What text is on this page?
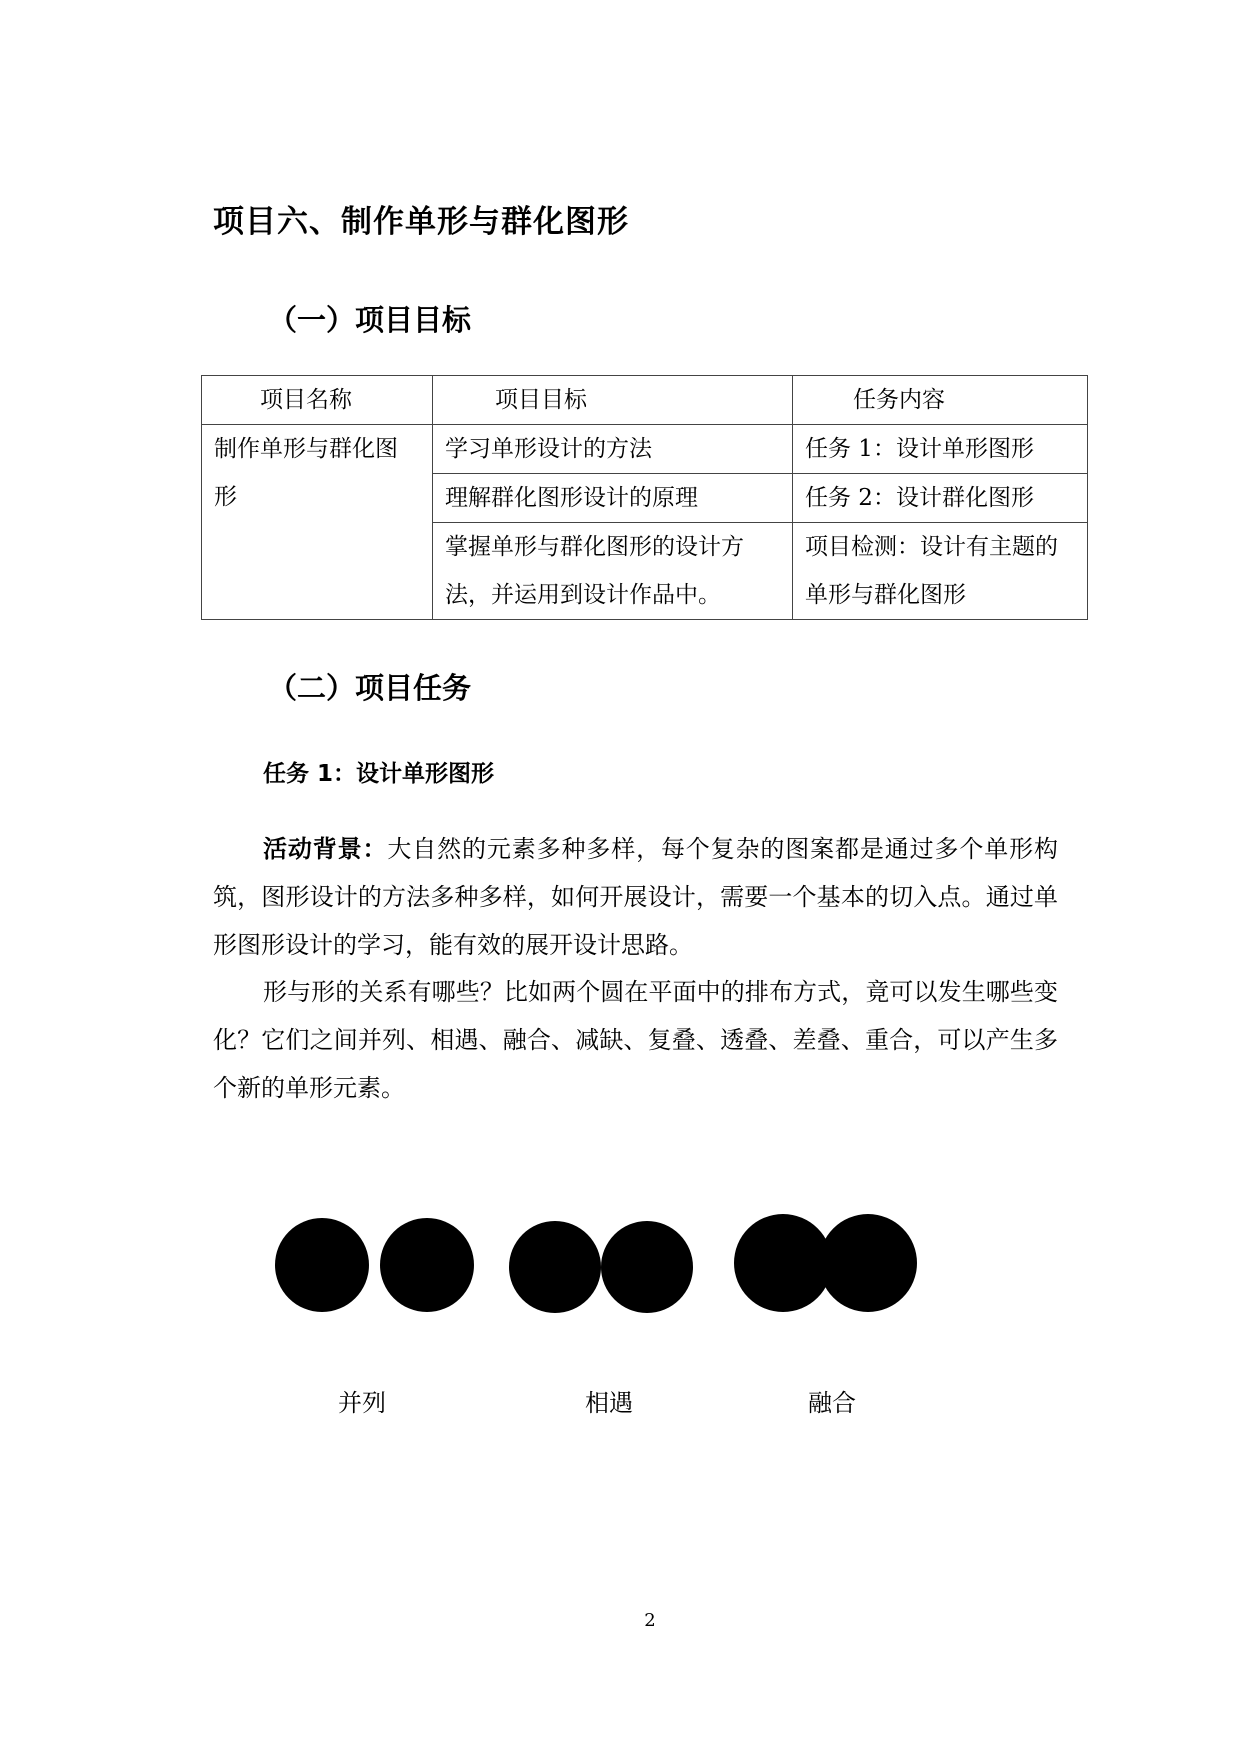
项目六、制作单形与群化图形
（一）项目目标
项目名称	项目目标	任务内容
制作单形与群化图形	学习单形设计的方法	任务 1：设计单形图形
	理解群化图形设计的原理	任务 2：设计群化图形
	掌握单形与群化图形的设计方法，并运用到设计作品中。	项目检测：设计有主题的单形与群化图形
（二）项目任务
任务 1：设计单形图形
活动背景：大自然的元素多种多样，每个复杂的图案都是通过多个单形构筑，图形设计的方法多种多样，如何开展设计，需要一个基本的切入点。通过单形图形设计的学习，能有效的展开设计思路。
形与形的关系有哪些？比如两个圆在平面中的排布方式，竟可以发生哪些变化？它们之间并列、相遇、融合、减缺、复叠、透叠、差叠、重合，可以产生多个新的单形元素。
并列	相遇	融合
2
